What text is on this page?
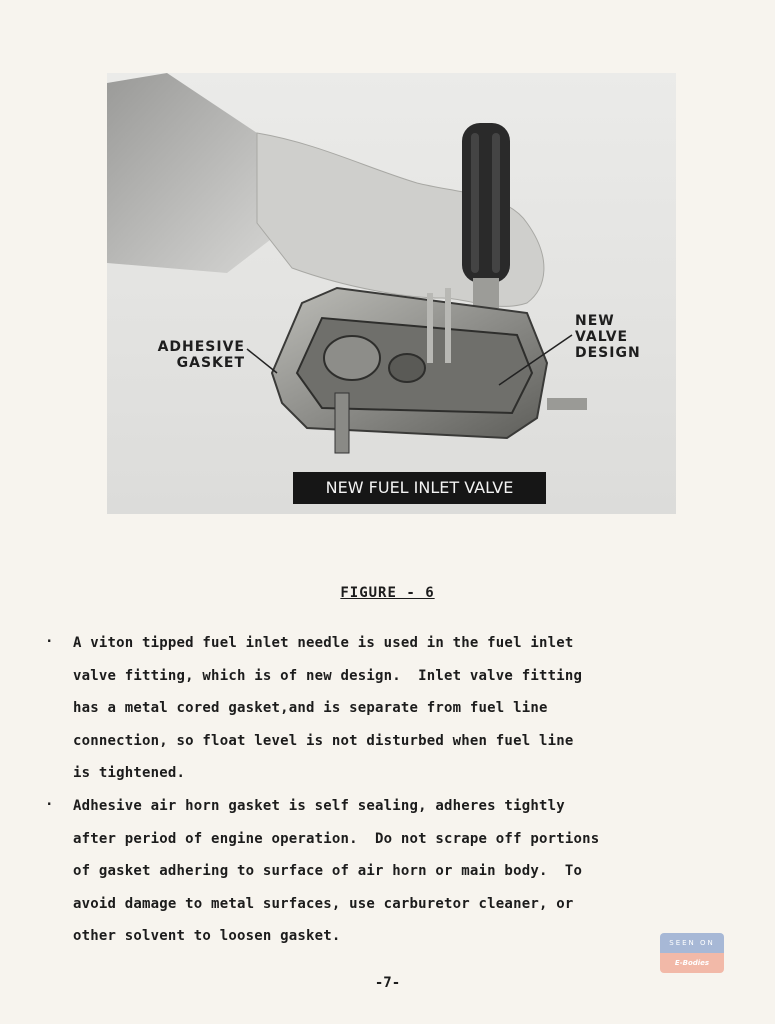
ADHESIVE
GASKET
NEW
VALVE
DESIGN
NEW FUEL INLET VALVE
FIGURE - 6
. A viton tipped fuel inlet needle is used in the fuel inlet
valve fitting, which is of new design.  Inlet valve fitting
has a metal cored gasket,and is separate from fuel line
connection, so float level is not disturbed when fuel line
is tightened.
. Adhesive air horn gasket is self sealing, adheres tightly
after period of engine operation.  Do not scrape off portions
of gasket adhering to surface of air horn or main body.  To
avoid damage to metal surfaces, use carburetor cleaner, or
other solvent to loosen gasket.
-7-
SEEN ON
E-Bodies
